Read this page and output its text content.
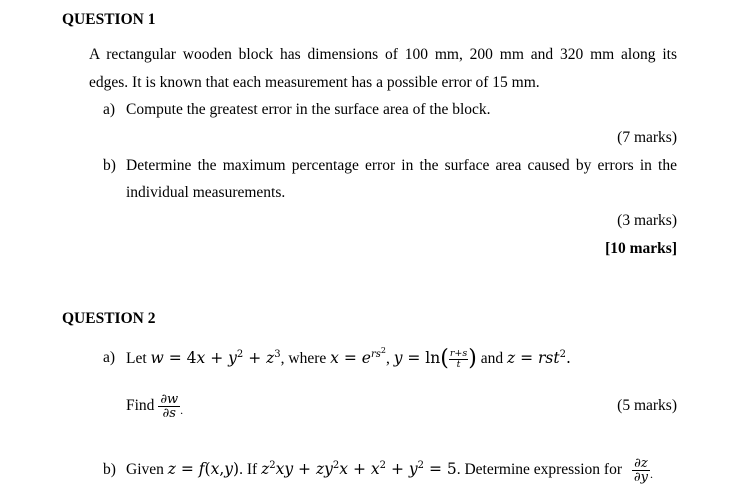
QUESTION 1
A rectangular wooden block has dimensions of 100 mm, 200 mm and 320 mm along its
edges. It is known that each measurement has a possible error of 15 mm.
a) Compute the greatest error in the surface area of the block.
(7 marks)
b) Determine the maximum percentage error in the surface area caused by errors in the
individual measurements.
(3 marks)
[10 marks]
QUESTION 2
a) Let $w = 4x + y^2 + z^3$, where $x = e^{rs^2}$, $y = \ln( \frac{r+s}{t}$ ) and z = rst$^2$.
Find $\frac{\partial w}{\partial s} _.$	(5 marks)
b) Given z = f(x,y). If $z^2xy + zy^2x + x^2 + y^2 = 5$. Determine expression for $\frac{\partial z}{\partial y} _.$
